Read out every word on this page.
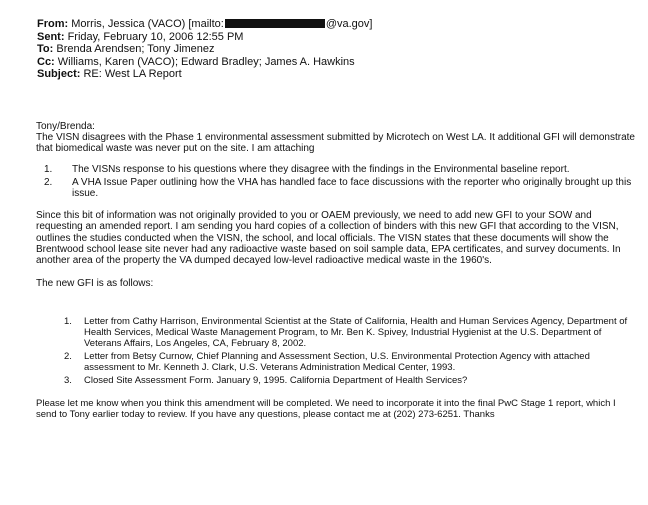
From: Morris, Jessica (VACO) [mailto:	@va.gov]
Sent: Friday, February 10, 2006 12:55 PM
To: Brenda Arendsen; Tony Jimenez
Cc: Williams, Karen (VACO); Edward Bradley; James A. Hawkins
Subject: RE: West LA Report

Tony/Brenda:

The VISN disagrees with the Phase 1 environmental assessment submitted by Microtech on West LA. It additional GFI will demonstrate that biomedical waste was never put on the site. I am attaching

1.	The VISNs response to his questions where they disagree with the findings in the Environmental baseline report.
2.	A VHA Issue Paper outlining how the VHA has handled face to face discussions with the reporter who originally brought up this issue.

Since this bit of information was not originally provided to you or OAEM previously, we need to add new GFI to your SOW and requesting an amended report. I am sending you hard copies of a collection of binders with this new GFI that according to the VISN, outlines the studies conducted when the VISN, the school, and local officials. The VISN states that these documents will show the Brentwood school lease site never had any radioactive waste based on soil sample data, EPA certificates, and survey documents. In another area of the property the VA dumped decayed low-level radioactive medical waste in the 1960's.

The new GFI is as follows:

1.	Letter from Cathy Harrison, Environmental Scientist at the State of California, Health and Human Services Agency, Department of Health Services, Medical Waste Management Program, to Mr. Ben K. Spivey, Industrial Hygienist at the U.S. Department of Veterans Affairs, Los Angeles, CA, February 8, 2002.
2.	Letter from Betsy Curnow, Chief Planning and Assessment Section, U.S. Environmental Protection Agency with attached assessment to Mr. Kenneth J. Clark, U.S. Veterans Administration Medical Center, 1993.
3.	Closed Site Assessment Form. January 9, 1995. California Department of Health Services?

Please let me know when you think this amendment will be completed. We need to incorporate it into the final PwC Stage 1 report, which I send to Tony earlier today to review. If you have any questions, please contact me at (202) 273-6251. Thanks
